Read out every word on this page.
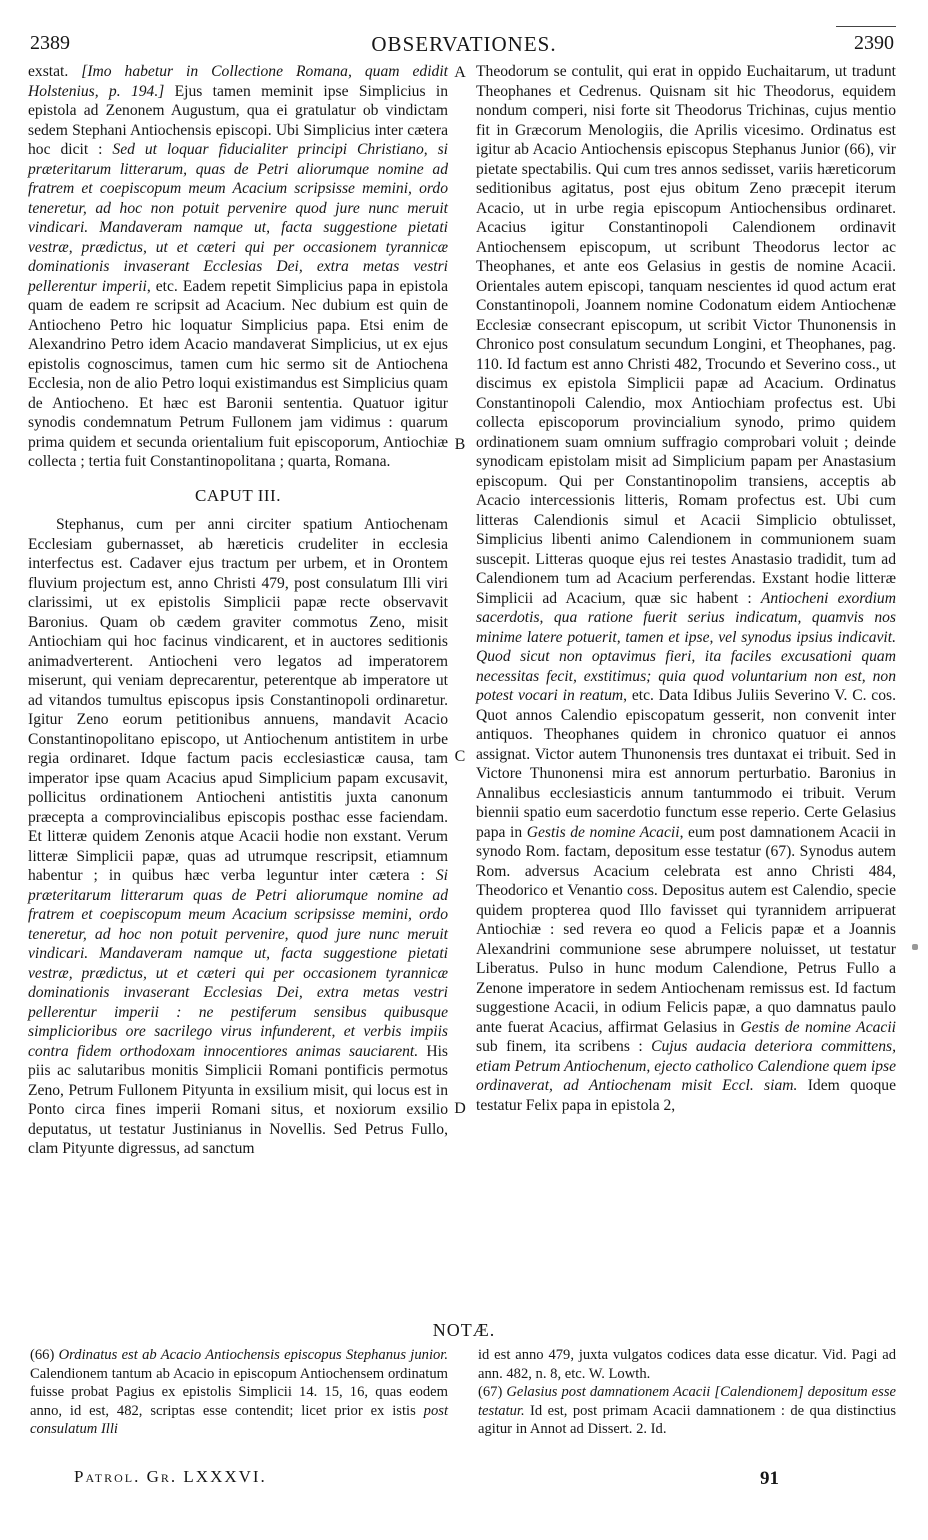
2389	OBSERVATIONES.	2390
A
B
C
D

exstat. [Imo habetur in Collectione Romana, quam edidit Holstenius, p. 194.] Ejus tamen meminit ipse Simplicius in epistola ad Zenonem Augustum, qua ei gratulatur ob vindictam sedem Stephani Antiochensis episcopi. Ubi Simplicius inter cætera hoc dicit : Sed ut loquar fiducialiter principi Christiano, si præteritarum litterarum, quas de Petri aliorumque nomine ad fratrem et coepiscopum meum Acacium scripsisse memini, ordo teneretur, ad hoc non potuit pervenire quod jure nunc meruit vindicari. Mandaveram namque ut, facta suggestione pietati vestræ, prædictus, ut et cæteri qui per occasionem tyrannicæ dominationis invaserant Ecclesias Dei, extra metas vestri pellerentur imperii, etc. Eadem repetit Simplicius papa in epistola quam de eadem re scripsit ad Acacium. Nec dubium est quin de Antiocheno Petro hic loquatur Simplicius papa. Etsi enim de Alexandrino Petro idem Acacio mandaverat Simplicius, ut ex ejus epistolis cognoscimus, tamen cum hic sermo sit de Antiochena Ecclesia, non de alio Petro loqui existimandus est Simplicius quam de Antiocheno. Et hæc est Baronii sententia. Quatuor igitur synodis condemnatum Petrum Fullonem jam vidimus : quarum prima quidem et secunda orientalium fuit episcoporum, Antiochiæ collecta ; tertia fuit Constantinopolitana ; quarta, Romana.

CAPUT III.

Stephanus, cum per anni circiter spatium Antiochenam Ecclesiam gubernasset, ab hæreticis crudeliter in ecclesia interfectus est. Cadaver ejus tractum per urbem, et in Orontem fluvium projectum est, anno Christi 479, post consulatum Illi viri clarissimi, ut ex epistolis Simplicii papæ recte observavit Baronius. Quam ob cædem graviter commotus Zeno, misit Antiochiam qui hoc facinus vindicarent, et in auctores seditionis animadverterent. Antiocheni vero legatos ad imperatorem miserunt, qui veniam deprecarentur, peterentque ab imperatore ut ad vitandos tumultus episcopus ipsis Constantinopoli ordinaretur. Igitur Zeno eorum petitionibus annuens, mandavit Acacio Constantinopolitano episcopo, ut Antiochenum antistitem in urbe regia ordinaret. Idque factum pacis ecclesiasticæ causa, tam imperator ipse quam Acacius apud Simplicium papam excusavit, pollicitus ordinationem Antiocheni antistitis juxta canonum præcepta a comprovincialibus episcopis posthac esse faciendam. Et litteræ quidem Zenonis atque Acacii hodie non exstant. Verum litteræ Simplicii papæ, quas ad utrumque rescripsit, etiamnum habentur ; in quibus hæc verba leguntur inter cætera : Si præteritarum litterarum quas de Petri aliorumque nomine ad fratrem et coepiscopum meum Acacium scripsisse memini, ordo teneretur, ad hoc non potuit pervenire, quod jure nunc meruit vindicari. Mandaveram namque ut, facta suggestione pietati vestræ, prædictus, ut et cæteri qui per occasionem tyrannicæ dominationis invaserant Ecclesias Dei, extra metas vestri pellerentur imperii : ne pestiferum sensibus quibusque simplicioribus ore sacrilego virus infunderent, et verbis impiis contra fidem orthodoxam innocentiores animas sauciarent. His piis ac salutaribus monitis Simplicii Romani pontificis permotus Zeno, Petrum Fullonem Pityunta in exsilium misit, qui locus est in Ponto circa fines imperii Romani situs, et noxiorum exsilio deputatus, ut testatur Justinianus in Novellis. Sed Petrus Fullo, clam Pityunte digressus, ad sanctum

Theodorum se contulit, qui erat in oppido Euchaitarum, ut tradunt Theophanes et Cedrenus. Quisnam sit hic Theodorus, equidem nondum comperi, nisi forte sit Theodorus Trichinas, cujus mentio fit in Græcorum Menologiis, die Aprilis vicesimo. Ordinatus est igitur ab Acacio Antiochensis episcopus Stephanus Junior (66), vir pietate spectabilis. Qui cum tres annos sedisset, variis hæreticorum seditionibus agitatus, post ejus obitum Zeno præcepit iterum Acacio, ut in urbe regia episcopum Antiochensibus ordinaret. Acacius igitur Constantinopoli Calendionem ordinavit Antiochensem episcopum, ut scribunt Theodorus lector ac Theophanes, et ante eos Gelasius in gestis de nomine Acacii. Orientales autem episcopi, tanquam nescientes id quod actum erat Constantinopoli, Joannem nomine Codonatum eidem Antiochenæ Ecclesiæ consecrant episcopum, ut scribit Victor Thunonensis in Chronico post consulatum secundum Longini, et Theophanes, pag. 110. Id factum est anno Christi 482, Trocundo et Severino coss., ut discimus ex epistola Simplicii papæ ad Acacium. Ordinatus Constantinopoli Calendio, mox Antiochiam profectus est. Ubi collecta episcoporum provincialium synodo, primo quidem ordinationem suam omnium suffragio comprobari voluit ; deinde synodicam epistolam misit ad Simplicium papam per Anastasium episcopum. Qui per Constantinopolim transiens, acceptis ab Acacio intercessionis litteris, Romam profectus est. Ubi cum litteras Calendionis simul et Acacii Simplicio obtulisset, Simplicius libenti animo Calendionem in communionem suam suscepit. Litteras quoque ejus rei testes Anastasio tradidit, tum ad Calendionem tum ad Acacium perferendas. Exstant hodie litteræ Simplicii ad Acacium, quæ sic habent : Antiocheni exordium sacerdotis, qua ratione fuerit serius indicatum, quamvis nos minime latere potuerit, tamen et ipse, vel synodus ipsius indicavit. Quod sicut non optavimus fieri, ita faciles excusationi quam necessitas fecit, exstitimus; quia quod voluntarium non est, non potest vocari in reatum, etc. Data Idibus Juliis Severino V. C. cos. Quot annos Calendio episcopatum gesserit, non convenit inter antiquos. Theophanes quidem in chronico quatuor ei annos assignat. Victor autem Thunonensis tres duntaxat ei tribuit. Sed in Victore Thunonensi mira est annorum perturbatio. Baronius in Annalibus ecclesiasticis annum tantummodo ei tribuit. Verum biennii spatio eum sacerdotio functum esse reperio. Certe Gelasius papa in Gestis de nomine Acacii, eum post damnationem Acacii in synodo Rom. factam, depositum esse testatur (67). Synodus autem Rom. adversus Acacium celebrata est anno Christi 484, Theodorico et Venantio coss. Depositus autem est Calendio, specie quidem propterea quod Illo favisset qui tyrannidem arripuerat Antiochiæ : sed revera eo quod a Felicis papæ et a Joannis Alexandrini communione sese abrumpere noluisset, ut testatur Liberatus. Pulso in hunc modum Calendione, Petrus Fullo a Zenone imperatore in sedem Antiochenam remissus est. Id factum suggestione Acacii, in odium Felicis papæ, a quo damnatus paulo ante fuerat Acacius, affirmat Gelasius in Gestis de nomine Acacii sub finem, ita scribens : Cujus audacia deteriora committens, etiam Petrum Antiochenum, ejecto catholico Calendione quem ipse ordinaverat, ad Antiochenam misit Eccl. siam. Idem quoque testatur Felix papa in epistola 2,

NOTÆ.

(66) Ordinatus est ab Acacio Antiochensis episcopus Stephanus junior. Calendionem tantum ab Acacio in episcopum Antiochensem ordinatum fuisse probat Pagius ex epistolis Simplicii 14. 15, 16, quas eodem anno, id est, 482, scriptas esse contendit; licet prior ex istis post consulatum Illi

id est anno 479, juxta vulgatos codices data esse dicatur. Vid. Pagi ad ann. 482, n. 8, etc. W. Lowth.

(67) Gelasius post damnationem Acacii [Calendionem] depositum esse testatur. Id est, post primam Acacii damnationem : de qua distinctius agitur in Annot ad Dissert. 2. Id.

Patrol. Gr. LXXXVI.	91
